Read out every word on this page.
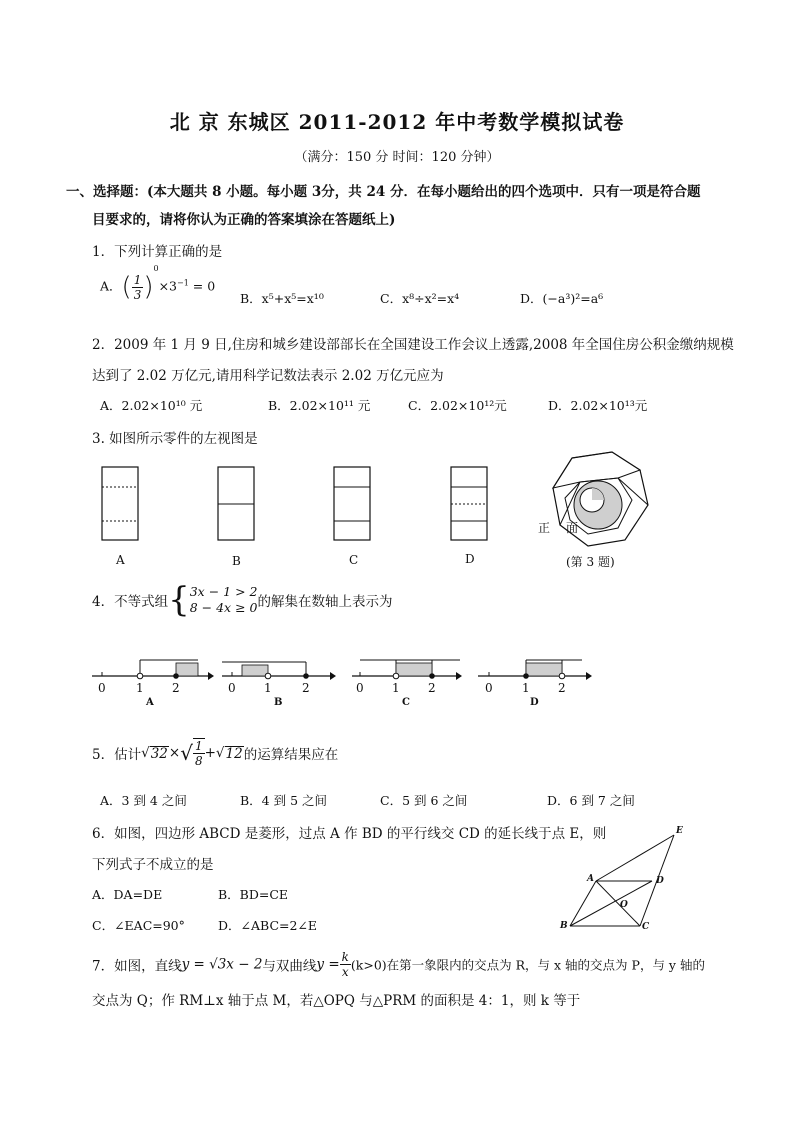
北 京 东城区 2011-2012 年中考数学模拟试卷
（满分：150 分 时间：120 分钟）
一、选择题：(本大题共 8 小题。每小题 3分，共 24 分．在每小题给出的四个选项中．只有一项是符合题
目要求的，请将你认为正确的答案填涂在答题纸上)
1．下列计算正确的是
A．( $\frac{1}{3} )^0\times 3^{-1} = 0$
B．x⁵+x⁵=x¹⁰	C．x⁸÷x²=x⁴	D．(−a³)²=a⁶
2．2009 年 1 月 9 日,住房和城乡建设部部长在全国建设工作会议上透露,2008 年全国住房公积金缴纳规模
达到了 2.02 万亿元,请用科学记数法表示 2.02 万亿元应为
A．2.02×10¹⁰ 元	B．2.02×10¹¹ 元	C．2.02×10¹²元	D．2.02×10¹³元
3. 如图所示零件的左视图是
A	B	C	D
正 面
(第 3 题)
4．不等式组{ 3x − 1 > 2
8 − 4x ≥ 0 的解集在数轴上表示为
0	1 2
A
0 1	2
B
0 1 2
C
0 1 2
D
5．估计$√32\times√ \frac{1}{8} +√12$的运算结果应在
A．3 到 4 之间	B．4 到 5 之间	C．5 到 6 之间	D．6 到 7 之间
6．如图，四边形 ABCD 是菱形，过点 A 作 BD 的平行线交 CD 的延长线于点 E，则
下列式子不成立的是
A．DA=DE	B．BD=CE
C．∠EAC=90°	D．∠ABC=2∠E
E
A	D
O
B	C
7．如图，直线y = √3x − 2与双曲线$y = \frac{k}{x} (k>0)$在第一象限内的交点为 R，与 x 轴的交点为 P，与 y 轴的
交点为 Q；作 RM⊥x 轴于点 M，若△OPQ 与△PRM 的面积是 4：1，则 k 等于
